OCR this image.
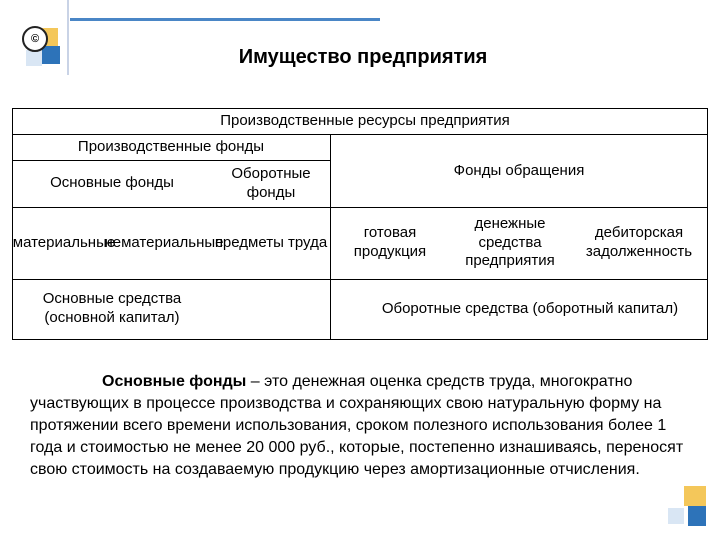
©
Имущество предприятия
Производственные ресурсы предприятия
Производственные фонды
Фонды обращения
Основные фонды
Оборотные фонды
материальные
нематериальные
предметы труда
готовая продукция
денежные средства предприятия
дебиторская задолженность
Основные средства (основной капитал)
Оборотные средства (оборотный капитал)
Основные фонды – это денежная оценка средств труда, многократно участвующих в процессе производства и сохраняющих свою натуральную форму на протяжении всего времени использования, сроком полезного использования более 1 года и стоимостью не менее 20 000 руб., которые, постепенно изнашиваясь, переносят свою стоимость на создаваемую продукцию через амортизационные отчисления.
